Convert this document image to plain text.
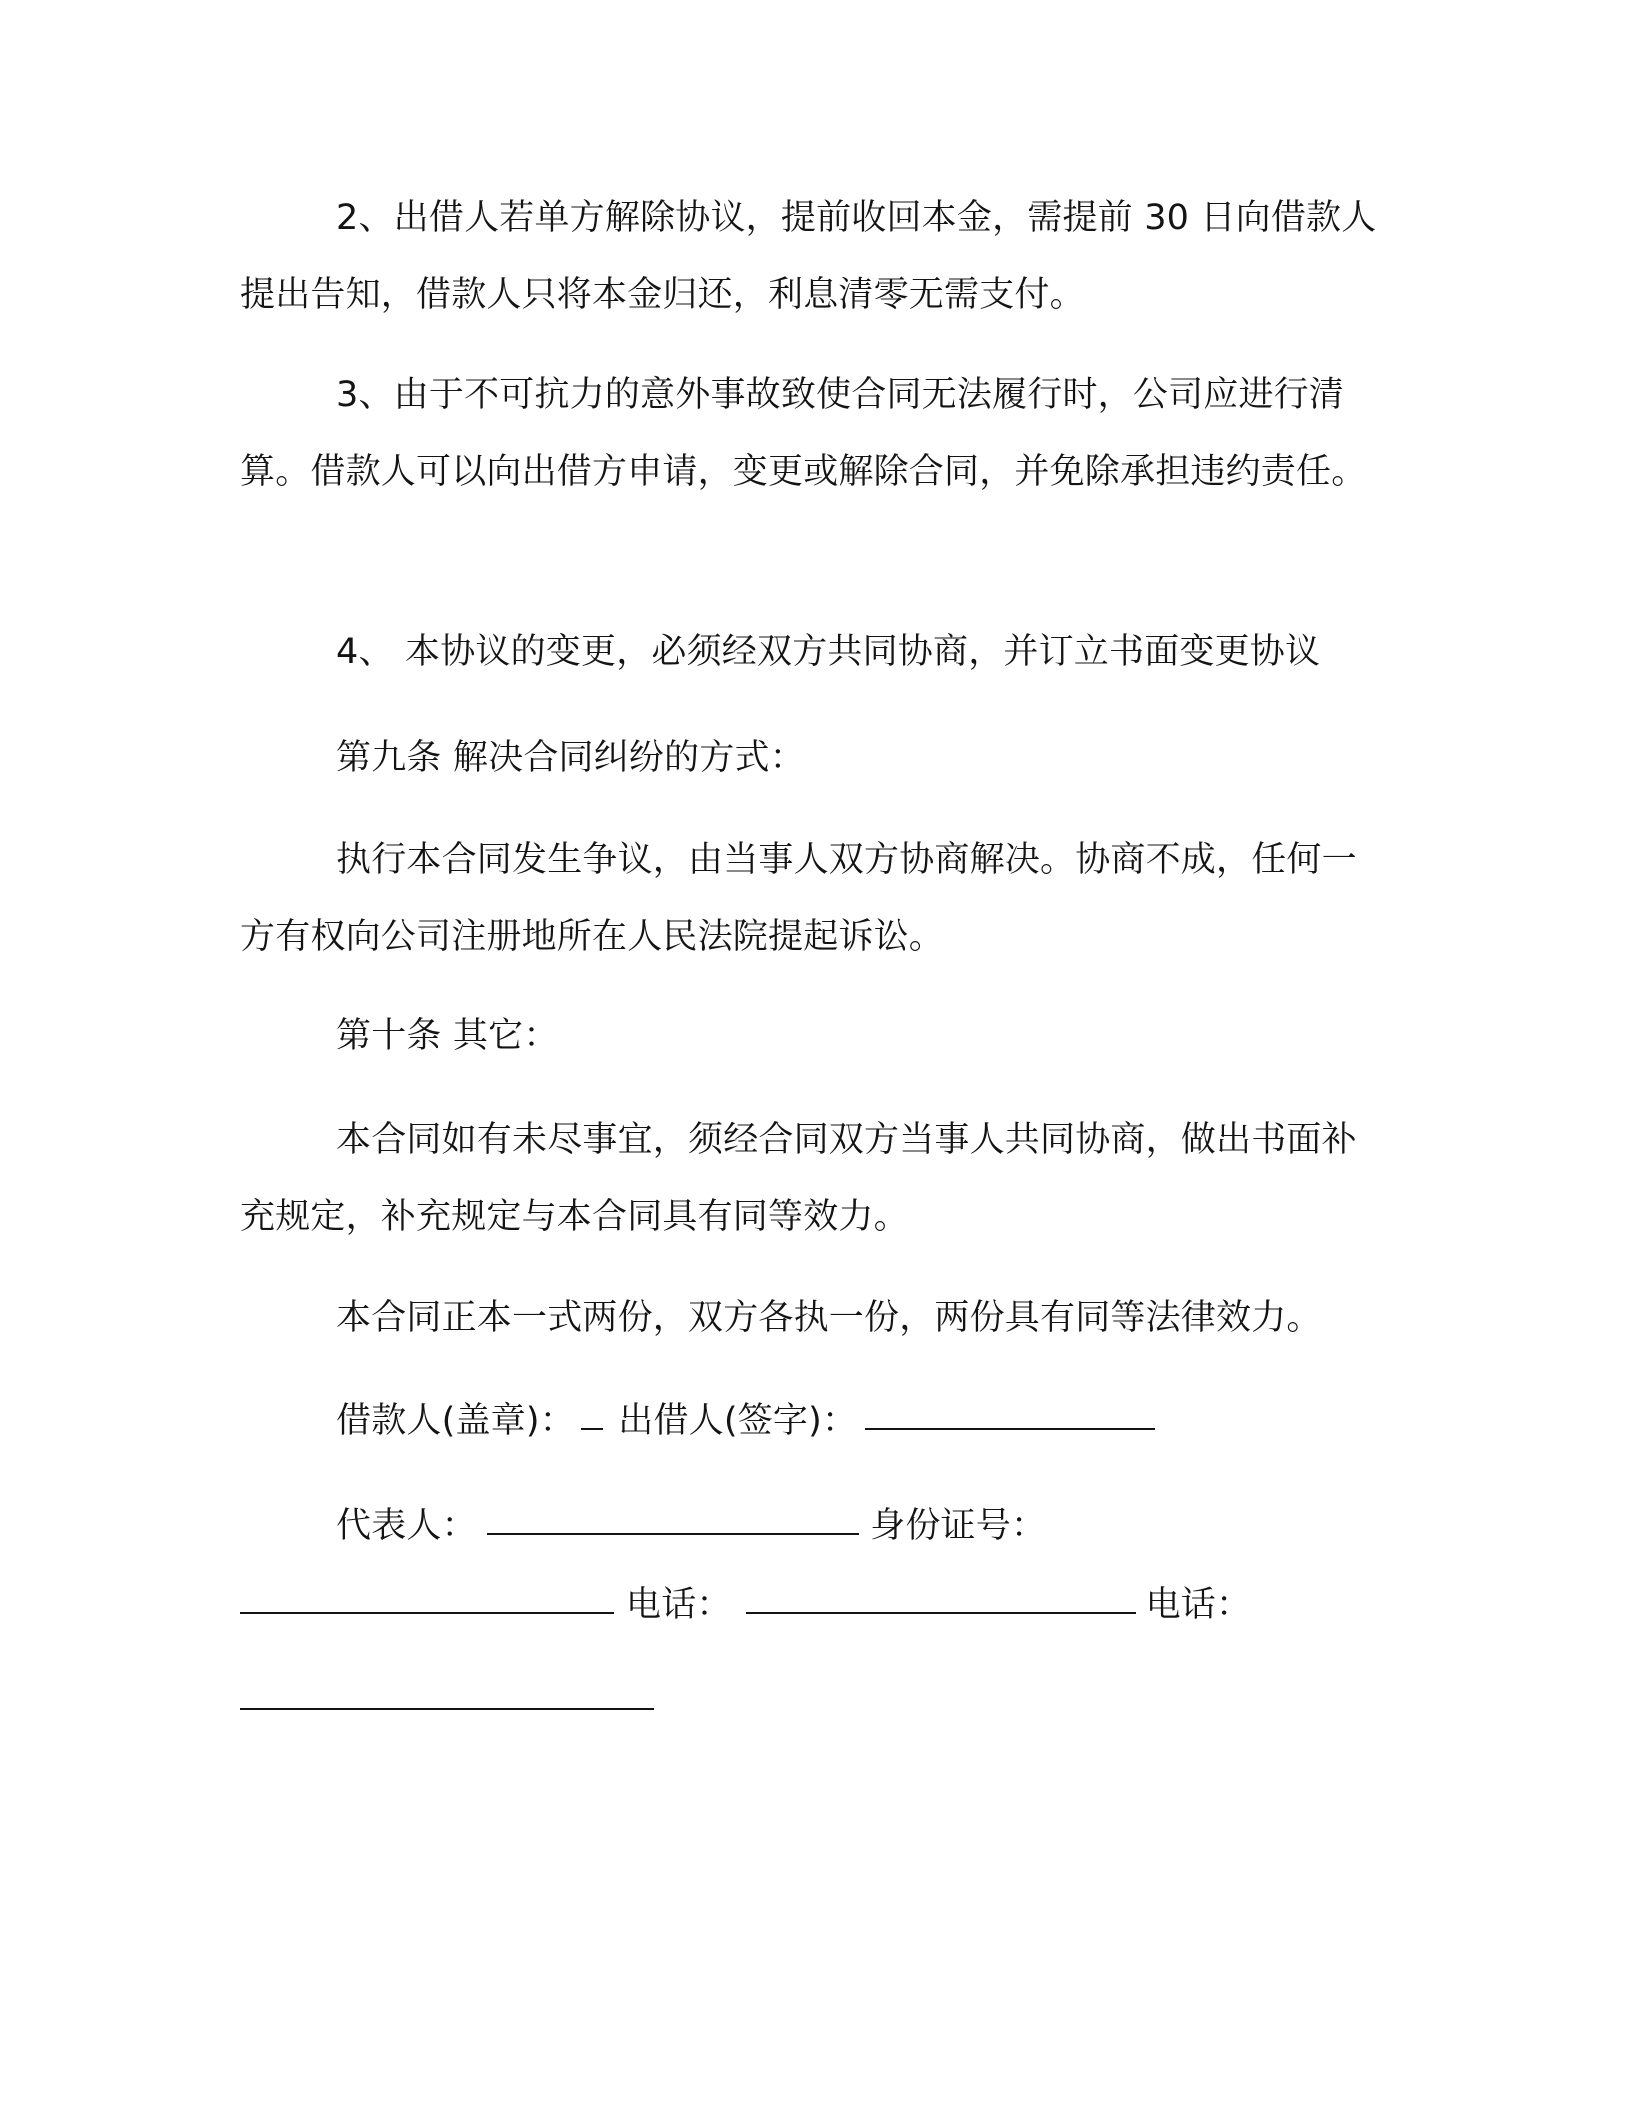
2、出借人若单方解除协议，提前收回本金，需提前 30 日向借款人提出告知，借款人只将本金归还，利息清零无需支付。

3、由于不可抗力的意外事故致使合同无法履行时，公司应进行清算。借款人可以向出借方申请，变更或解除合同，并免除承担违约责任。

4、 本协议的变更，必须经双方共同协商，并订立书面变更协议

第九条 解决合同纠纷的方式：

执行本合同发生争议，由当事人双方协商解决。协商不成，任何一方有权向公司注册地所在人民法院提起诉讼。

第十条 其它：

本合同如有未尽事宜，须经合同双方当事人共同协商，做出书面补充规定，补充规定与本合同具有同等效力。

本合同正本一式两份，双方各执一份，两份具有同等法律效力。

借款人(盖章)： 出借人(签字)：
代表人：	身份证号：
电话：	电话：
